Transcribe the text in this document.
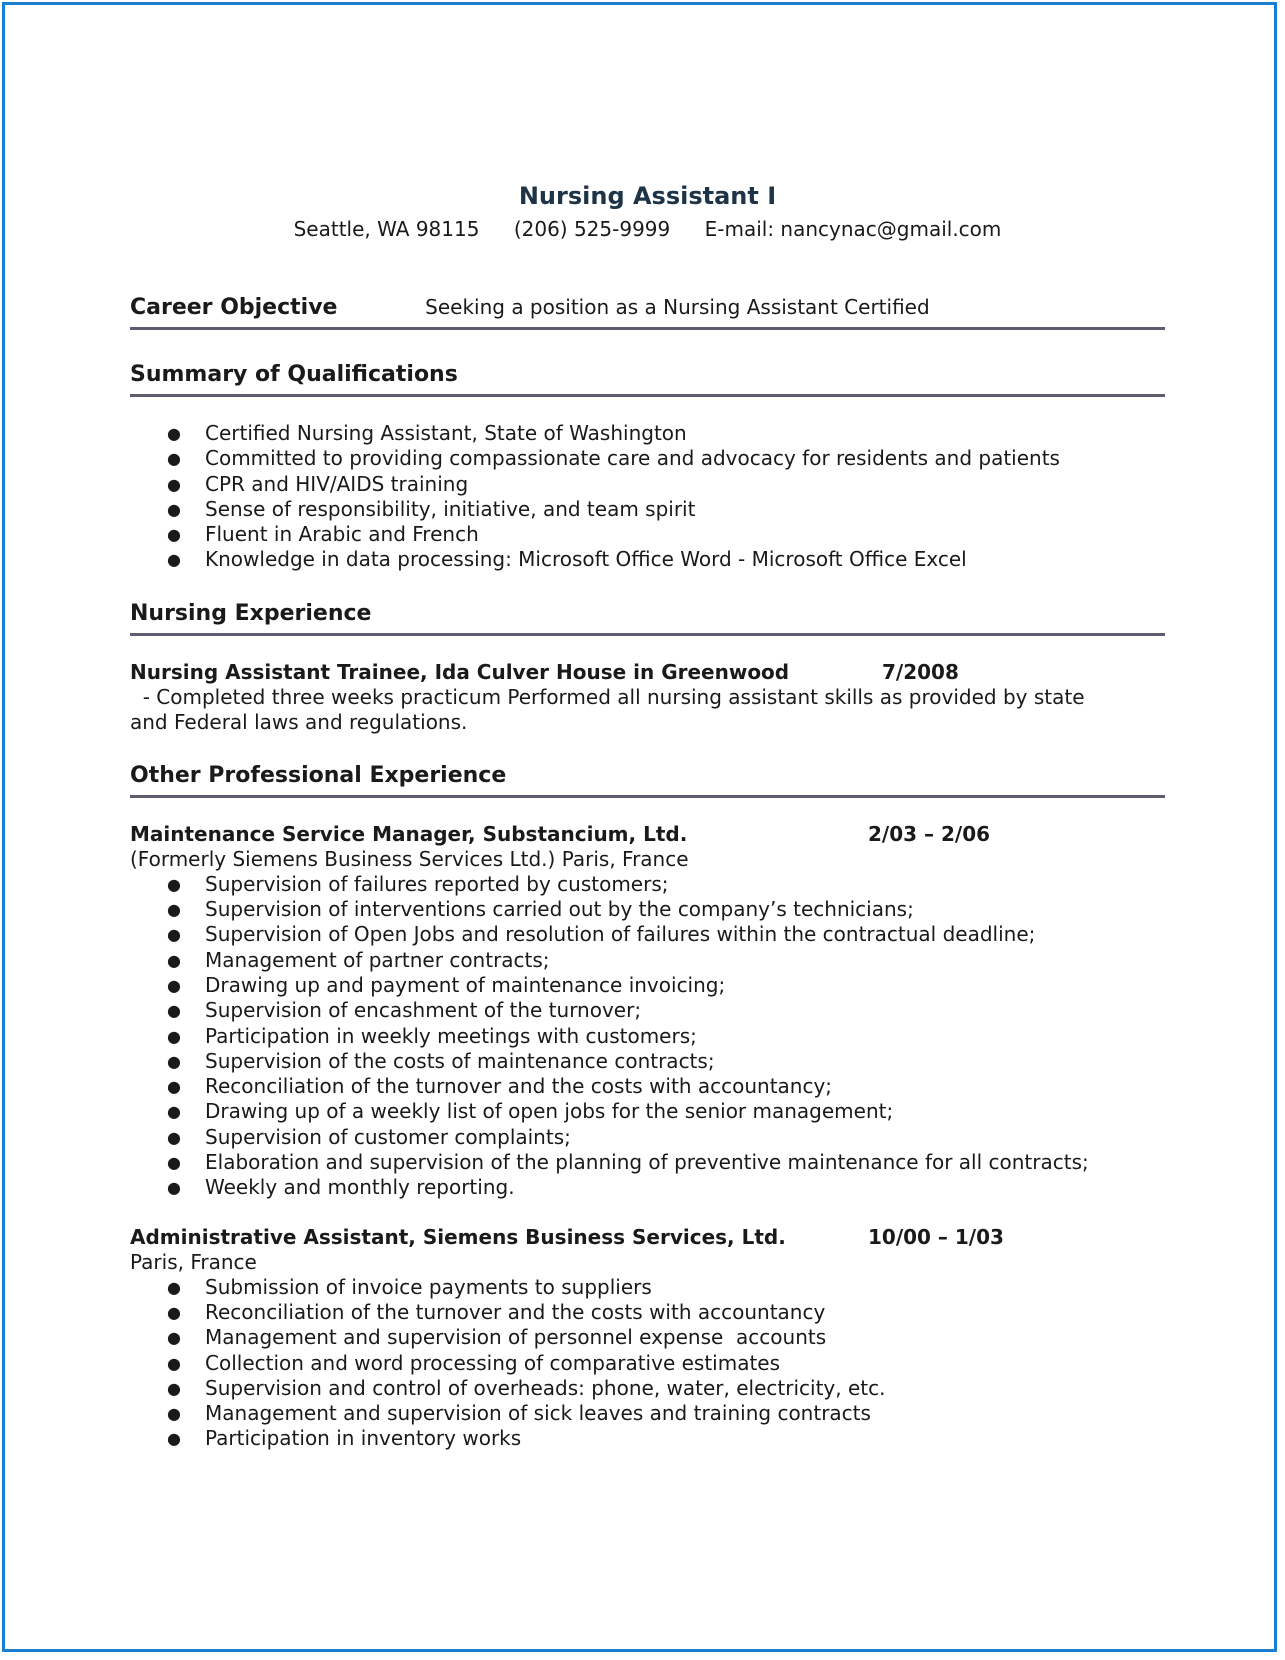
Nursing Assistant I
Seattle, WA 98115 (206) 525-9999 E-mail: nancynac@gmail.com
Career Objective	Seeking a position as a Nursing Assistant Certified
Summary of Qualifications
● Certified Nursing Assistant, State of Washington
● Committed to providing compassionate care and advocacy for residents and patients
● CPR and HIV/AIDS training
● Sense of responsibility, initiative, and team spirit
● Fluent in Arabic and French
● Knowledge in data processing: Microsoft Office Word - Microsoft Office Excel
Nursing Experience
Nursing Assistant Trainee, Ida Culver House in Greenwood	7/2008
- Completed three weeks practicum Performed all nursing assistant skills as provided by state
and Federal laws and regulations.
Other Professional Experience
Maintenance Service Manager, Substancium, Ltd.	2/03 – 2/06
(Formerly Siemens Business Services Ltd.) Paris, France
● Supervision of failures reported by customers;
● Supervision of interventions carried out by the company’s technicians;
● Supervision of Open Jobs and resolution of failures within the contractual deadline;
● Management of partner contracts;
● Drawing up and payment of maintenance invoicing;
● Supervision of encashment of the turnover;
● Participation in weekly meetings with customers;
● Supervision of the costs of maintenance contracts;
● Reconciliation of the turnover and the costs with accountancy;
● Drawing up of a weekly list of open jobs for the senior management;
● Supervision of customer complaints;
● Elaboration and supervision of the planning of preventive maintenance for all contracts;
● Weekly and monthly reporting.
Administrative Assistant, Siemens Business Services, Ltd.	10/00 – 1/03
Paris, France
● Submission of invoice payments to suppliers
● Reconciliation of the turnover and the costs with accountancy
● Management and supervision of personnel expense  accounts
● Collection and word processing of comparative estimates
● Supervision and control of overheads: phone, water, electricity, etc.
● Management and supervision of sick leaves and training contracts
● Participation in inventory works
